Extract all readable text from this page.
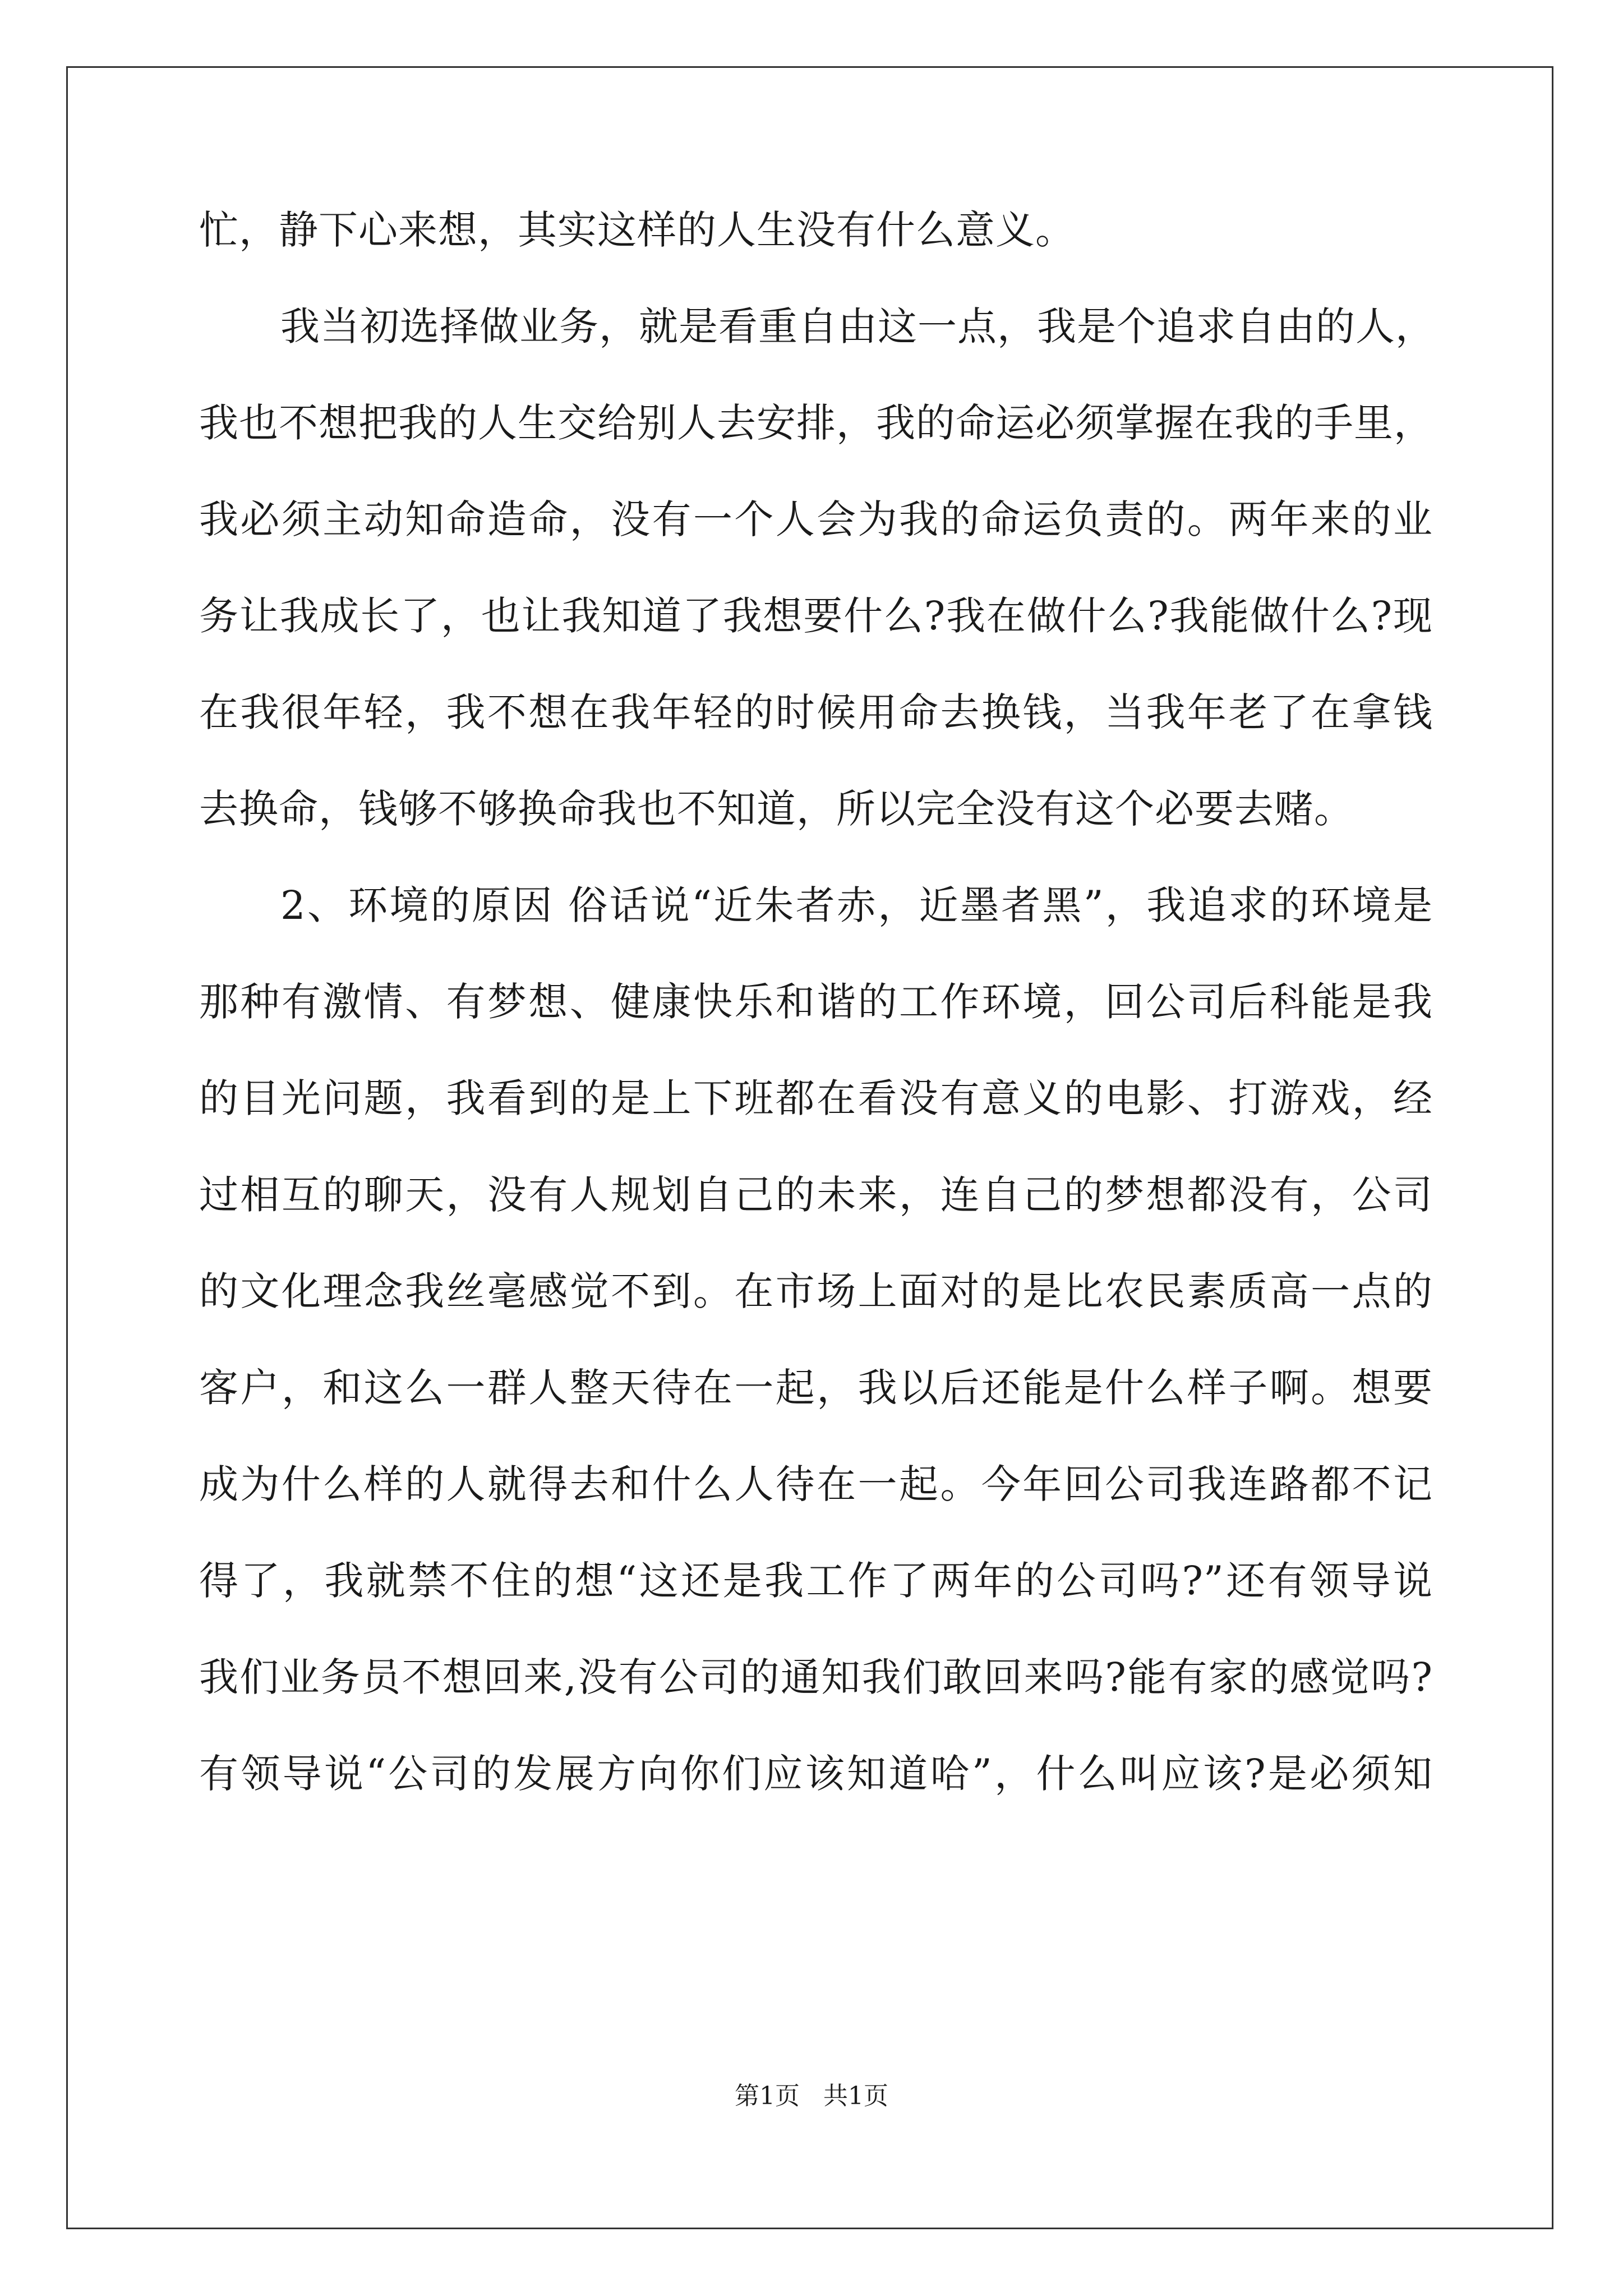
忙，静下心来想，其实这样的人生没有什么意义。
我当初选择做业务，就是看重自由这一点，我是个追求自由的人，
我也不想把我的人生交给别人去安排，我的命运必须掌握在我的手里，
我必须主动知命造命，没有一个人会为我的命运负责的。两年来的业
务让我成长了，也让我知道了我想要什么?我在做什么?我能做什么?现
在我很年轻，我不想在我年轻的时候用命去换钱，当我年老了在拿钱
去换命，钱够不够换命我也不知道，所以完全没有这个必要去赌。
2、环境的原因 俗话说“近朱者赤，近墨者黑”，我追求的环境是
那种有激情、有梦想、健康快乐和谐的工作环境，回公司后科能是我
的目光问题，我看到的是上下班都在看没有意义的电影、打游戏，经
过相互的聊天，没有人规划自己的未来，连自己的梦想都没有，公司
的文化理念我丝毫感觉不到。在市场上面对的是比农民素质高一点的
客户，和这么一群人整天待在一起，我以后还能是什么样子啊。想要
成为什么样的人就得去和什么人待在一起。今年回公司我连路都不记
得了，我就禁不住的想“这还是我工作了两年的公司吗?”还有领导说
我们业务员不想回来,没有公司的通知我们敢回来吗?能有家的感觉吗?
有领导说“公司的发展方向你们应该知道哈”，什么叫应该?是必须知
第1页   共1页
